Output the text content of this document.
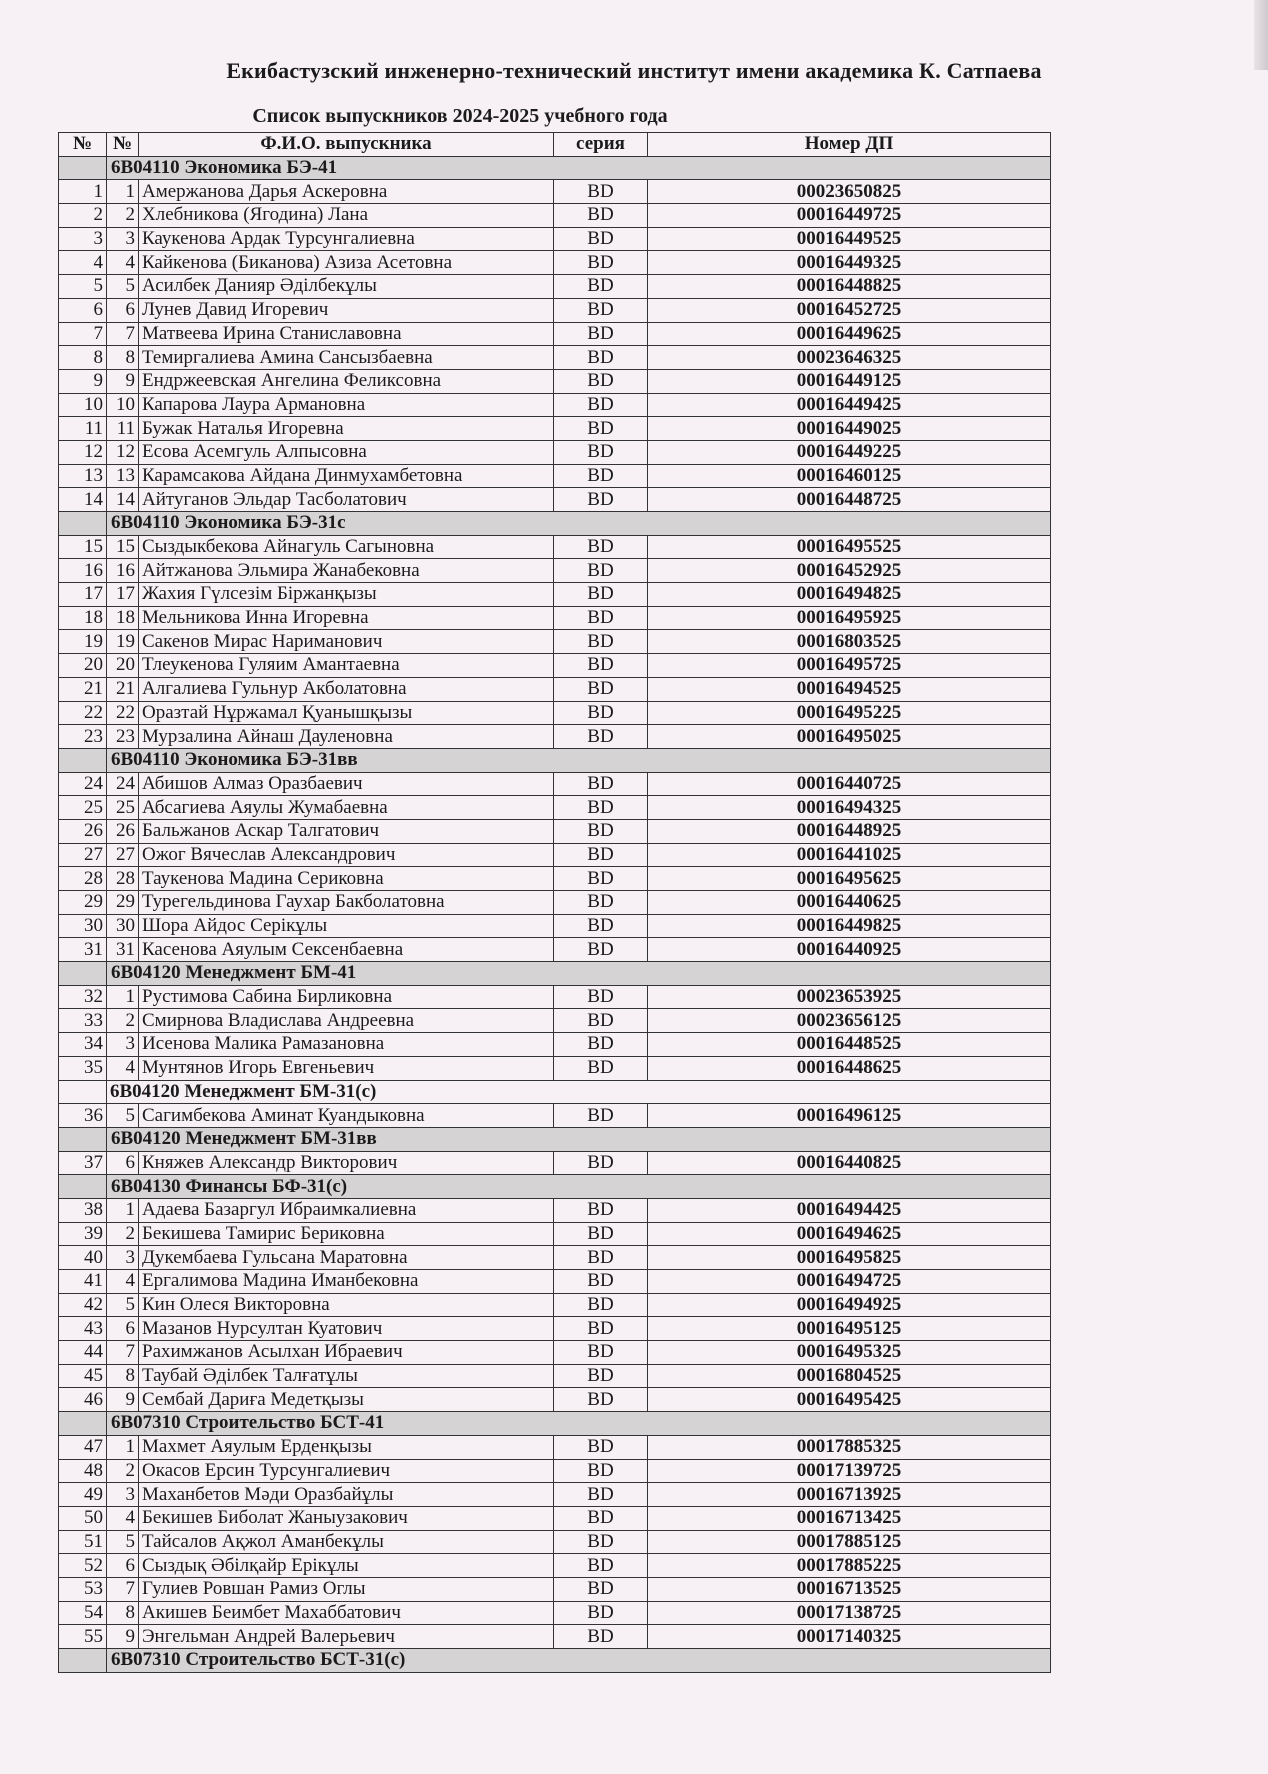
Екибастузский инженерно-технический институт имени академика К. Сатпаева
Список выпускников 2024-2025 учебного года
№	№	Ф.И.О. выпускника	серия	Номер ДП
	6В04110 Экономика БЭ-41			
1	1	Амержанова Дарья Аскеровна	BD	00023650825
2	2	Хлебникова (Ягодина) Лана	BD	00016449725
3	3	Каукенова Ардак Турсунгалиевна	BD	00016449525
4	4	Кайкенова (Биканова) Азиза Асетовна	BD	00016449325
5	5	Асилбек Данияр Әділбекұлы	BD	00016448825
6	6	Лунев Давид Игоревич	BD	00016452725
7	7	Матвеева Ирина Станиславовна	BD	00016449625
8	8	Темиргалиева Амина Сансызбаевна	BD	00023646325
9	9	Ендржеевская Ангелина Феликсовна	BD	00016449125
10	10	Капарова Лаура Армановна	BD	00016449425
11	11	Бужак Наталья Игоревна	BD	00016449025
12	12	Есова Асемгуль Алпысовна	BD	00016449225
13	13	Карамсакова Айдана Динмухамбетовна	BD	00016460125
14	14	Айтуганов Эльдар Тасболатович	BD	00016448725
	6В04110 Экономика БЭ-31с			
15	15	Сыздыкбекова Айнагуль Сагыновна	BD	00016495525
16	16	Айтжанова Эльмира Жанабековна	BD	00016452925
17	17	Жахия Гүлсезім Біржанқызы	BD	00016494825
18	18	Мельникова Инна Игоревна	BD	00016495925
19	19	Сакенов Мирас Нариманович	BD	00016803525
20	20	Тлеукенова Гуляим Амантаевна	BD	00016495725
21	21	Алгалиева Гульнур Акболатовна	BD	00016494525
22	22	Оразтай Нұржамал Қуанышқызы	BD	00016495225
23	23	Мурзалина Айнаш Дауленовна	BD	00016495025
	6В04110 Экономика БЭ-31вв			
24	24	Абишов Алмаз Оразбаевич	BD	00016440725
25	25	Абсагиева Аяулы Жумабаевна	BD	00016494325
26	26	Бальжанов Аскар Талгатович	BD	00016448925
27	27	Ожог Вячеслав Александрович	BD	00016441025
28	28	Таукенова Мадина Сериковна	BD	00016495625
29	29	Турегельдинова Гаухар Бакболатовна	BD	00016440625
30	30	Шора Айдос Серікұлы	BD	00016449825
31	31	Касенова Аяулым Сексенбаевна	BD	00016440925
	6В04120 Менеджмент БМ-41			
32	1	Рустимова Сабина Бирликовна	BD	00023653925
33	2	Смирнова Владислава Андреевна	BD	00023656125
34	3	Исенова Малика Рамазановна	BD	00016448525
35	4	Мунтянов Игорь Евгеньевич	BD	00016448625
	6В04120 Менеджмент БМ-31(с)			
36	5	Сагимбекова Аминат Куандыковна	BD	00016496125
	6В04120 Менеджмент БМ-31вв			
37	6	Княжев Александр Викторович	BD	00016440825
	6В04130 Финансы БФ-31(с)			
38	1	Адаева Базаргул Ибраимкалиевна	BD	00016494425
39	2	Бекишева Тамирис Бериковна	BD	00016494625
40	3	Дукембаева Гульсана Маратовна	BD	00016495825
41	4	Ергалимова Мадина Иманбековна	BD	00016494725
42	5	Кин Олеся Викторовна	BD	00016494925
43	6	Мазанов Нурсултан Куатович	BD	00016495125
44	7	Рахимжанов Асылхан Ибраевич	BD	00016495325
45	8	Таубай Әділбек Талғатұлы	BD	00016804525
46	9	Сембай Дариға Медетқызы	BD	00016495425
	6В07310 Строительство БСТ-41			
47	1	Махмет Аяулым Ерденқызы	BD	00017885325
48	2	Окасов Ерсин Турсунгалиевич	BD	00017139725
49	3	Маханбетов Мәди Оразбайұлы	BD	00016713925
50	4	Бекишев Биболат Жаныузакович	BD	00016713425
51	5	Тайсалов Ақжол Аманбекұлы	BD	00017885125
52	6	Сыздық Әбілқайр Ерікұлы	BD	00017885225
53	7	Гулиев Ровшан Рамиз Оглы	BD	00016713525
54	8	Акишев Беимбет Махаббатович	BD	00017138725
55	9	Энгельман Андрей Валерьевич	BD	00017140325
	6В07310 Строительство БСТ-31(с)			
